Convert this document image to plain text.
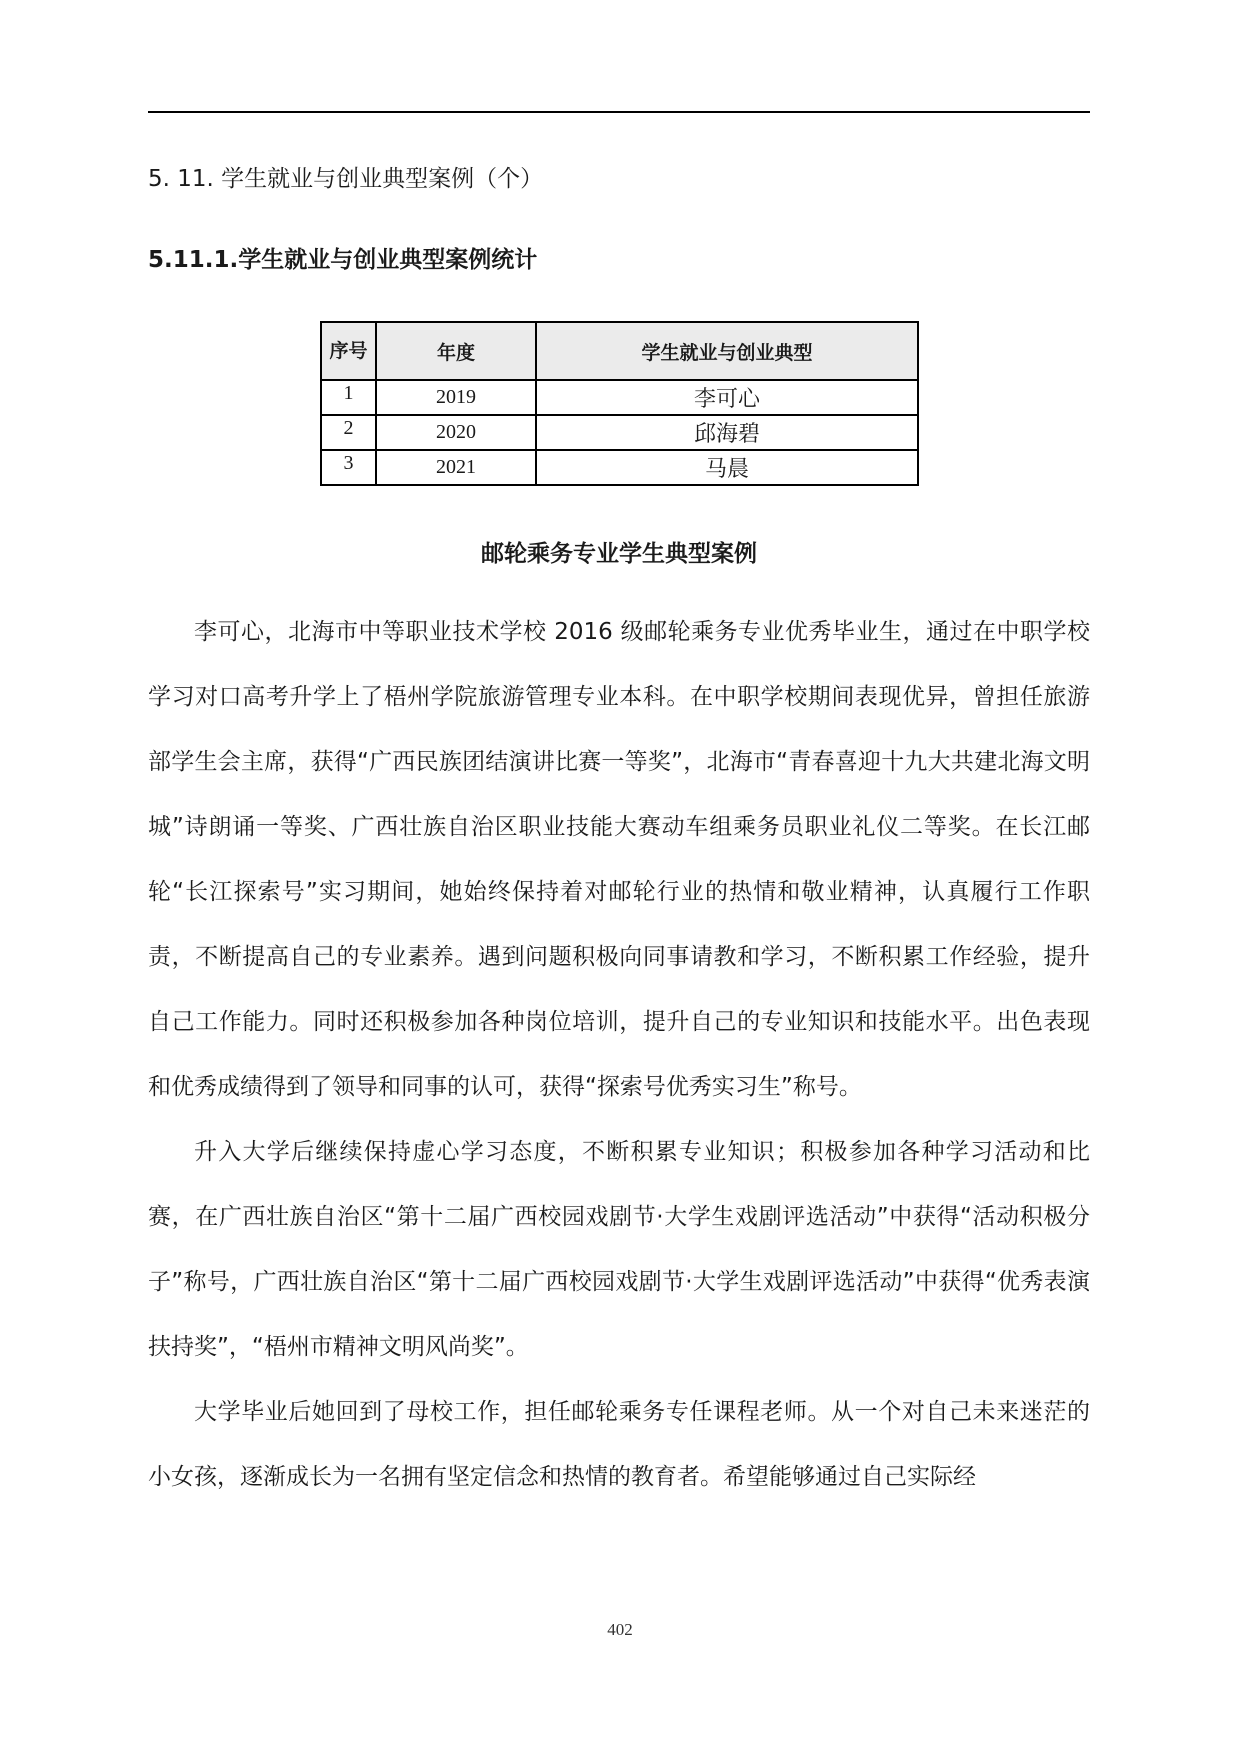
5. 11. 学生就业与创业典型案例（个）
5.11.1.学生就业与创业典型案例统计
序号	年度	学生就业与创业典型
1	2019	李可心
2	2020	邱海碧
3	2021	马晨
邮轮乘务专业学生典型案例

李可心，北海市中等职业技术学校 2016 级邮轮乘务专业优秀毕业生，通过在中职学校学习对口高考升学上了梧州学院旅游管理专业本科。在中职学校期间表现优异，曾担任旅游部学生会主席，获得“广西民族团结演讲比赛一等奖”，北海市“青春喜迎十九大共建北海文明城”诗朗诵一等奖、广西壮族自治区职业技能大赛动车组乘务员职业礼仪二等奖。在长江邮轮“长江探索号”实习期间，她始终保持着对邮轮行业的热情和敬业精神，认真履行工作职责，不断提高自己的专业素养。遇到问题积极向同事请教和学习，不断积累工作经验，提升自己工作能力。同时还积极参加各种岗位培训，提升自己的专业知识和技能水平。出色表现和优秀成绩得到了领导和同事的认可，获得“探索号优秀实习生”称号。

升入大学后继续保持虚心学习态度，不断积累专业知识；积极参加各种学习活动和比赛，在广西壮族自治区“第十二届广西校园戏剧节·大学生戏剧评选活动”中获得“活动积极分子”称号，广西壮族自治区“第十二届广西校园戏剧节·大学生戏剧评选活动”中获得“优秀表演扶持奖”，“梧州市精神文明风尚奖”。

大学毕业后她回到了母校工作，担任邮轮乘务专任课程老师。从一个对自己未来迷茫的小女孩，逐渐成长为一名拥有坚定信念和热情的教育者。希望能够通过自己实际经

402
